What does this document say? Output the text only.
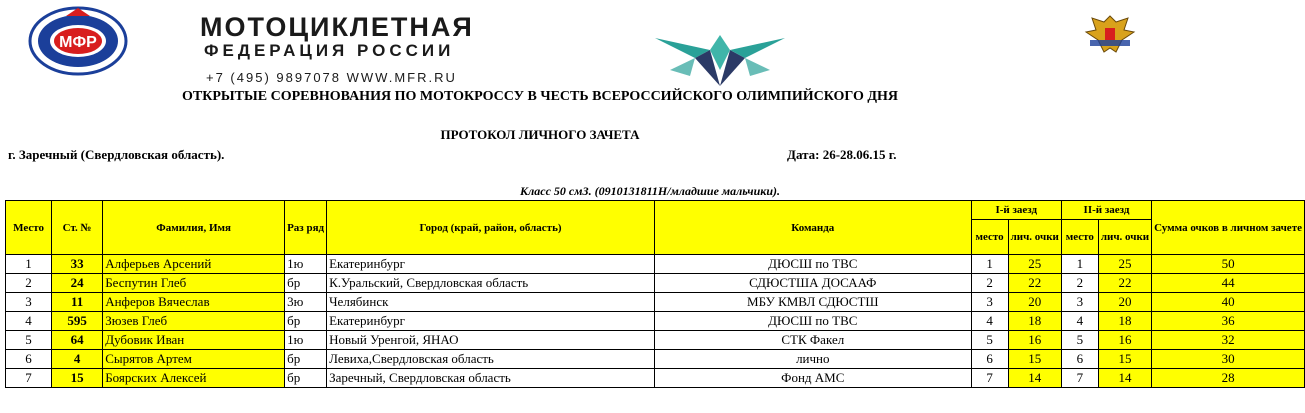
МФР
МОТОЦИКЛЕТНАЯ
ФЕДЕРАЦИЯ РОССИИ
+7 (495) 9897078 WWW.MFR.RU
ОТКРЫТЫЕ СОРЕВНОВАНИЯ ПО МОТОКРОССУ В ЧЕСТЬ ВСЕРОССИЙСКОГО ОЛИМПИЙСКОГО ДНЯ
ПРОТОКОЛ ЛИЧНОГО ЗАЧЕТА
г. Заречный (Свердловская область).	Дата: 26-28.06.15 г.
Класс 50 смЗ. (0910131811Н/младшие мальчики).
Место	Ст. №	Фамилия, Имя	Раз ряд	Город (край, район, область)	Команда	I-й заезд		II-й заезд		Сумма очков в личном зачете
						место	лич. очки	место	лич. очки	
1	33	Алферьев Арсений	1ю	Екатеринбург	ДЮСШ по ТВС	1	25	1	25	50
2	24	Беспутин Глеб	бр	К.Уральский, Свердловская область	СДЮСТША ДОСААФ	2	22	2	22	44
3	11	Анферов Вячеслав	3ю	Челябинск	МБУ КМВЛ СДЮСТШ	3	20	3	20	40
4	595	Зюзев Глеб	бр	Екатеринбург	ДЮСШ по ТВС	4	18	4	18	36
5	64	Дубовик Иван	1ю	Новый Уренгой, ЯНАО	СТК Факел	5	16	5	16	32
6	4	Сырятов Артем	бр	Левиха,Свердловская область	лично	6	15	6	15	30
7	15	Боярских Алексей	бр	Заречный, Свердловская область	Фонд АМС	7	14	7	14	28
